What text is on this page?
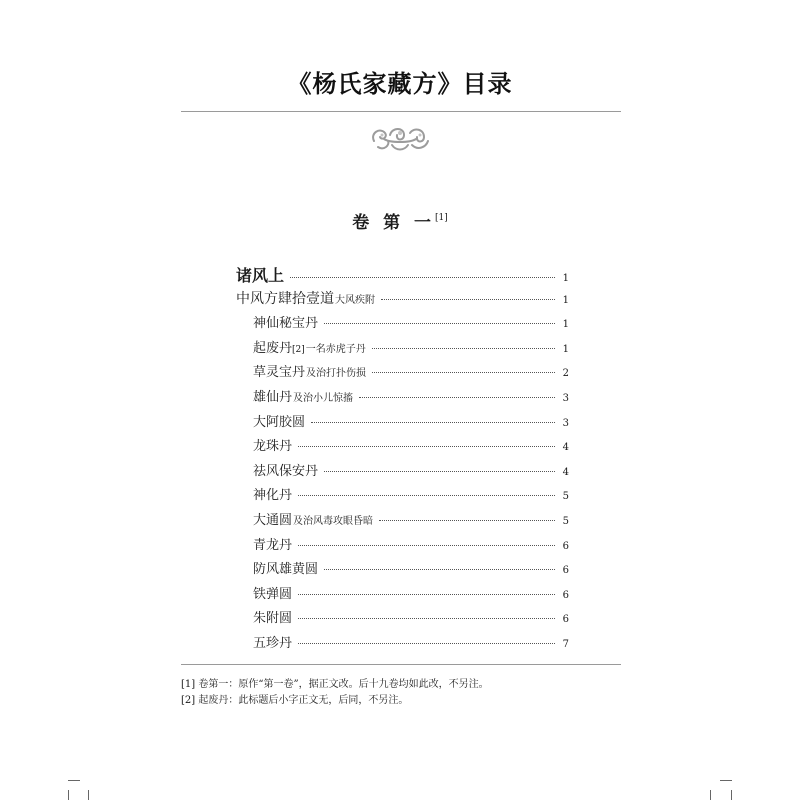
《杨氏家藏方》目录
卷 第 一[1]
诸风上	1
中风方肆拾壹道 大风疾附	1
神仙秘宝丹	1
起废丹$_{[2]}$ 一名赤虎子丹	1
草灵宝丹 及治打扑伤损	2
雄仙丹 及治小儿惊搐	3
大阿胶圆	3
龙珠丹	4
祛风保安丹	4
神化丹	5
大通圆 及治风毒攻眼昏暗	5
青龙丹	6
防风雄黄圆	6
铁弹圆	6
朱附圆	6
五珍丹	7
[1] 卷第一：原作“第一卷”，据正文改。后十九卷均如此改，不另注。
[2] 起废丹：此标题后小字正文无，后同，不另注。
